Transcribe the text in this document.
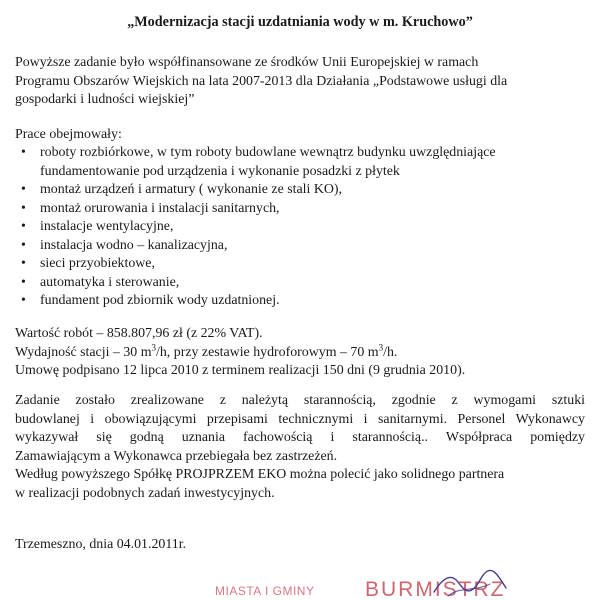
„Modernizacja stacji uzdatniania wody w m. Kruchowo”
Powyższe zadanie było współfinansowane ze środków Unii Europejskiej w ramach
Programu Obszarów Wiejskich na lata 2007-2013 dla Działania „Podstawowe usługi dla
gospodarki i ludności wiejskiej”
Prace obejmowały:
• roboty rozbiórkowe, w tym roboty budowlane wewnątrz budynku uwzględniające
fundamentowanie pod urządzenia i wykonanie posadzki z płytek
• montaż urządzeń i armatury ( wykonanie ze stali KO),
• montaż orurowania i instalacji sanitarnych,
• instalacje wentylacyjne,
• instalacja wodno – kanalizacyjna,
• sieci przyobiektowe,
• automatyka i sterowanie,
• fundament pod zbiornik wody uzdatnionej.
Wartość robót – 858.807,96 zł (z 22% VAT).
Wydajność stacji – 30 $m^3/h$, przy zestawie hydroforowym – 70 $m^3/h$.
Umowę podpisano 12 lipca 2010 z terminem realizacji 150 dni (9 grudnia 2010).
Zadanie zostało zrealizowane z należytą starannością, zgodnie z wymogami sztuki
budowlanej i obowiązującymi przepisami technicznymi i sanitarnymi. Personel Wykonawcy
wykazywał się godną uznania fachowością i starannością.. Współpraca pomiędzy
Zamawiającym a Wykonawca przebiegała bez zastrzeżeń.
Według powyższego Spółkę PROJPRZEM EKO można polecić jako solidnego partnera
w realizacji podobnych zadań inwestycyjnych.
Trzemeszno, dnia 04.01.2011r.
MIASTA I GMINY BURMISTRZ
